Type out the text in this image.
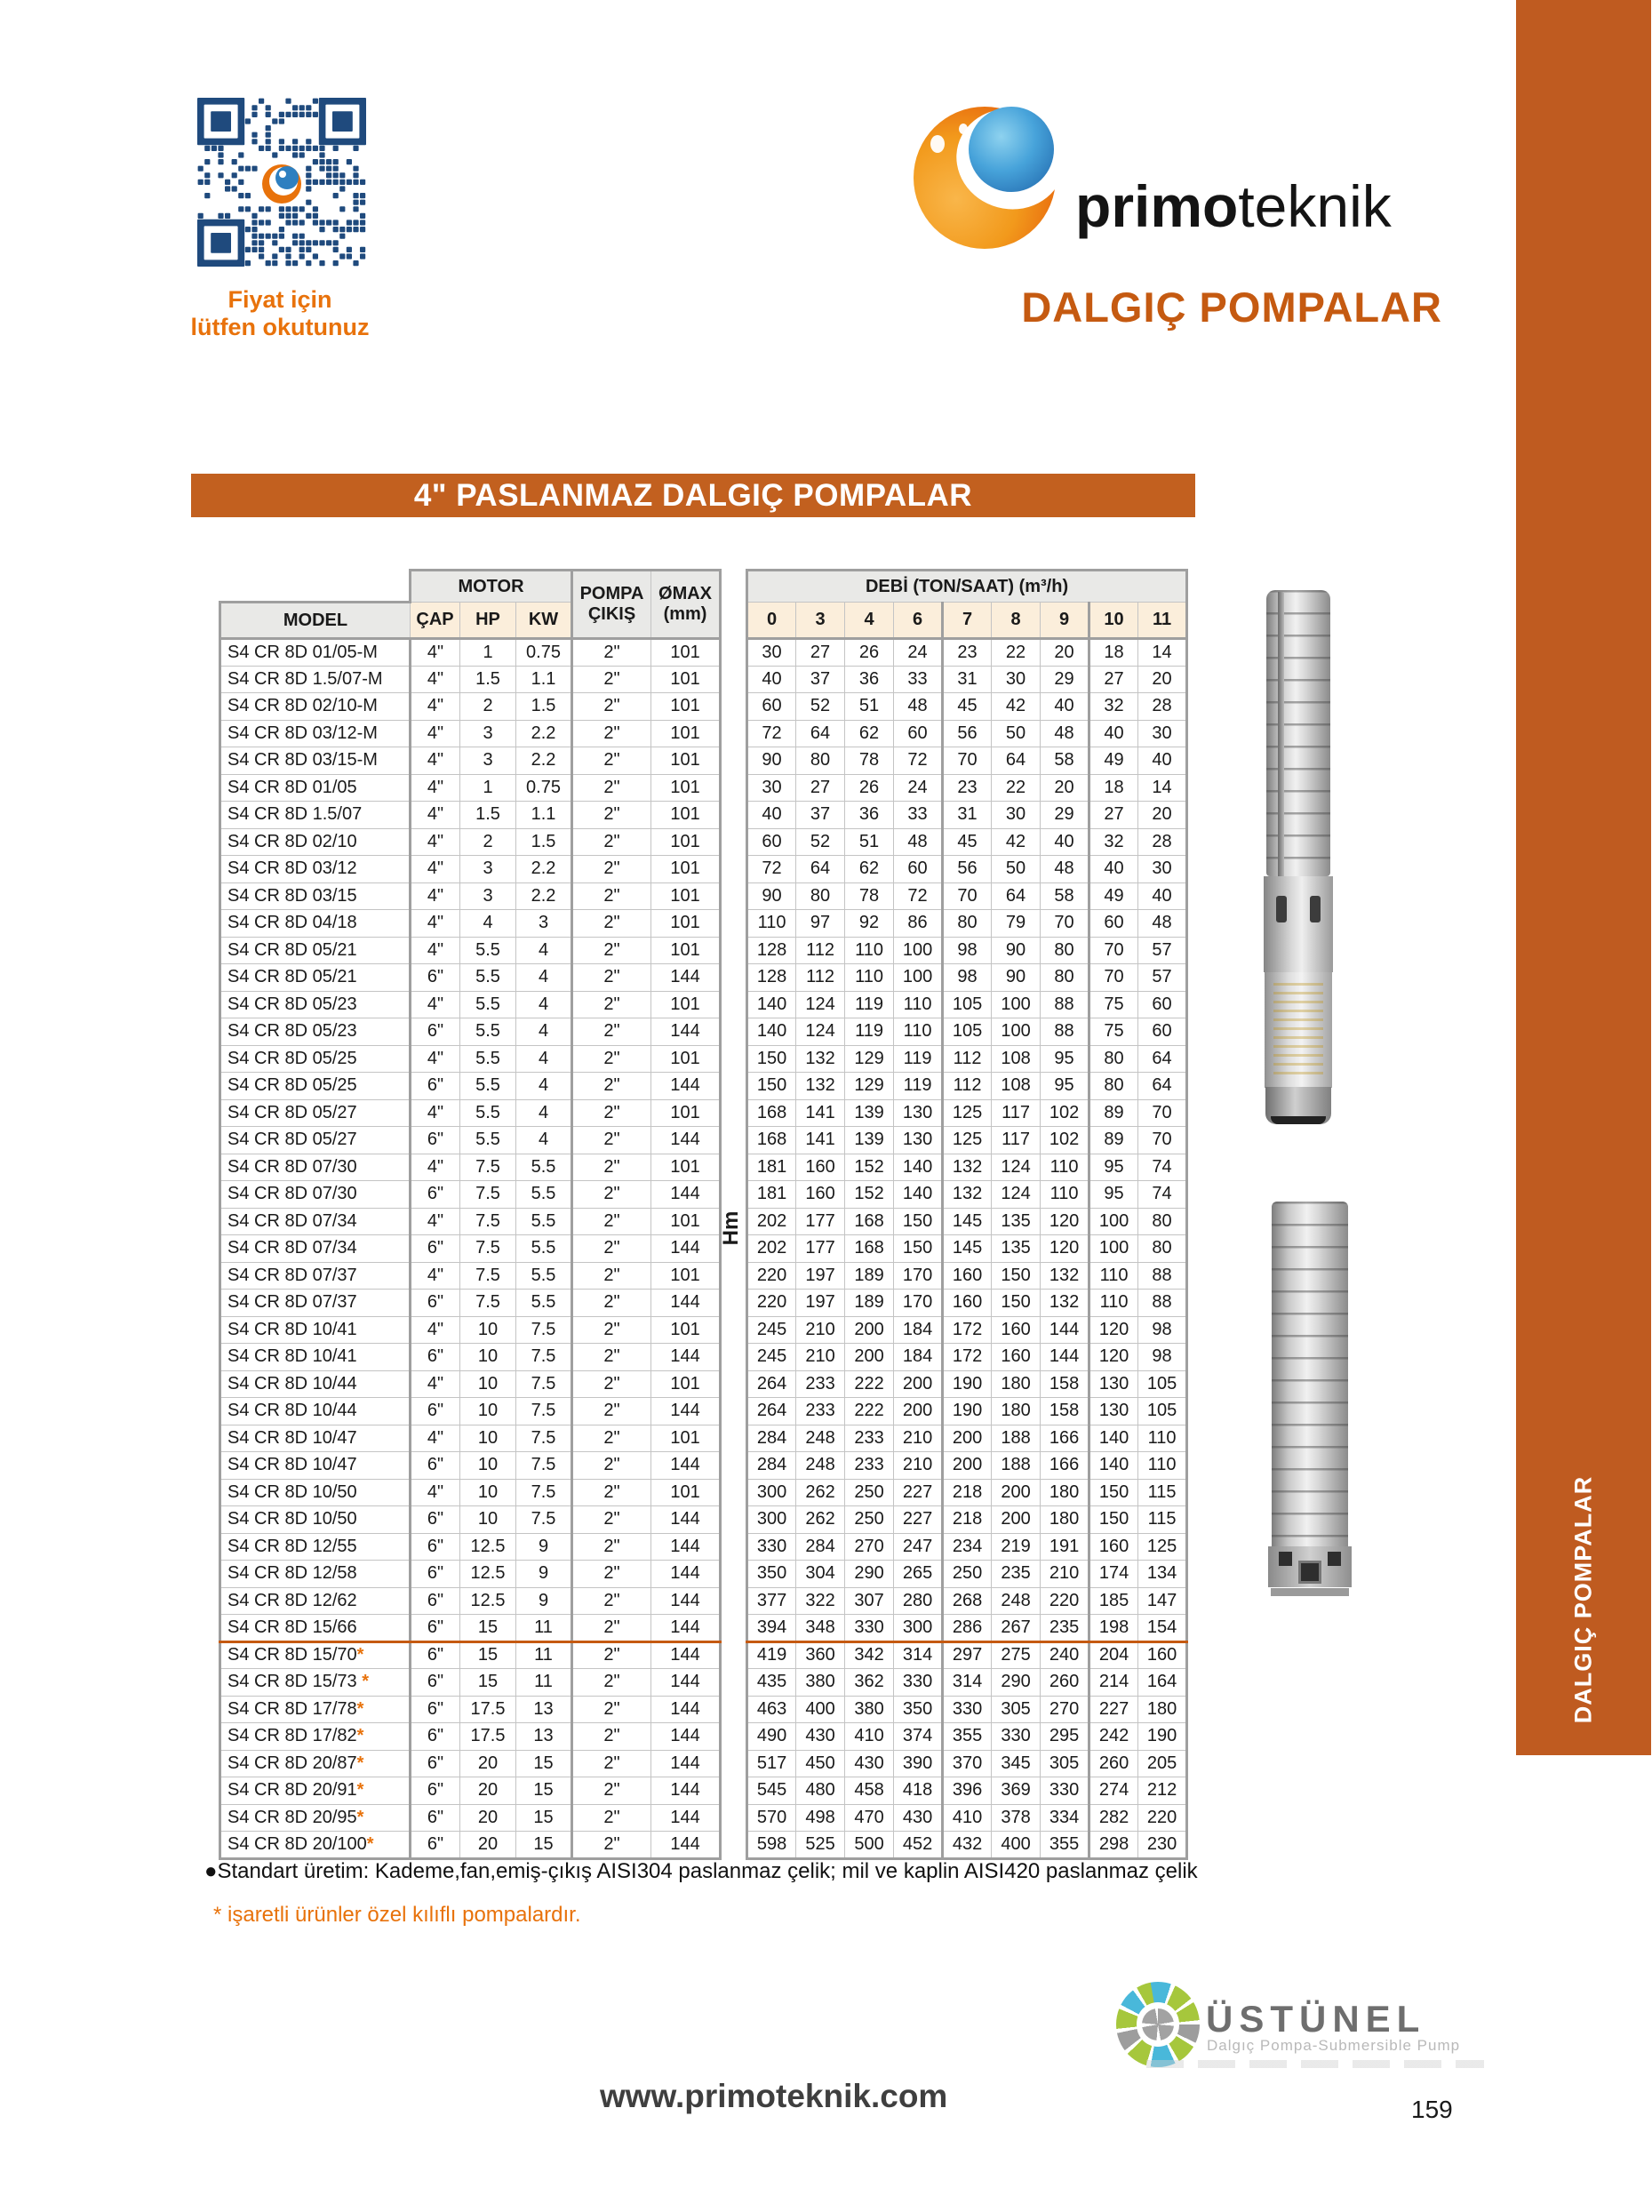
DALGIÇ POMPALAR
Fiyat için
lütfen okutunuz
primoteknik
DALGIÇ POMPALAR
4" PASLANMAZ DALGIÇ POMPALAR
	MOTOR			POMPA
ÇIKIŞ	ØMAX
(mm)		DEBİ (TON/SAAT) (m³/h)								
MODEL	ÇAP	HP	KW				0	3	4	6	7	8	9	10	11
S4 CR 8D 01/05-M	4"	1	0.75	2"	101		30	27	26	24	23	22	20	18	14
S4 CR 8D 1.5/07-M	4"	1.5	1.1	2"	101		40	37	36	33	31	30	29	27	20
S4 CR 8D 02/10-M	4"	2	1.5	2"	101		60	52	51	48	45	42	40	32	28
S4 CR 8D 03/12-M	4"	3	2.2	2"	101		72	64	62	60	56	50	48	40	30
S4 CR 8D 03/15-M	4"	3	2.2	2"	101		90	80	78	72	70	64	58	49	40
S4 CR 8D 01/05	4"	1	0.75	2"	101		30	27	26	24	23	22	20	18	14
S4 CR 8D 1.5/07	4"	1.5	1.1	2"	101		40	37	36	33	31	30	29	27	20
S4 CR 8D 02/10	4"	2	1.5	2"	101		60	52	51	48	45	42	40	32	28
S4 CR 8D 03/12	4"	3	2.2	2"	101		72	64	62	60	56	50	48	40	30
S4 CR 8D 03/15	4"	3	2.2	2"	101		90	80	78	72	70	64	58	49	40
S4 CR 8D 04/18	4"	4	3	2"	101		110	97	92	86	80	79	70	60	48
S4 CR 8D 05/21	4"	5.5	4	2"	101		128	112	110	100	98	90	80	70	57
S4 CR 8D 05/21	6"	5.5	4	2"	144		128	112	110	100	98	90	80	70	57
S4 CR 8D 05/23	4"	5.5	4	2"	101		140	124	119	110	105	100	88	75	60
S4 CR 8D 05/23	6"	5.5	4	2"	144		140	124	119	110	105	100	88	75	60
S4 CR 8D 05/25	4"	5.5	4	2"	101		150	132	129	119	112	108	95	80	64
S4 CR 8D 05/25	6"	5.5	4	2"	144		150	132	129	119	112	108	95	80	64
S4 CR 8D 05/27	4"	5.5	4	2"	101		168	141	139	130	125	117	102	89	70
S4 CR 8D 05/27	6"	5.5	4	2"	144		168	141	139	130	125	117	102	89	70
S4 CR 8D 07/30	4"	7.5	5.5	2"	101		181	160	152	140	132	124	110	95	74
S4 CR 8D 07/30	6"	7.5	5.5	2"	144		181	160	152	140	132	124	110	95	74
S4 CR 8D 07/34	4"	7.5	5.5	2"	101		202	177	168	150	145	135	120	100	80
S4 CR 8D 07/34	6"	7.5	5.5	2"	144		202	177	168	150	145	135	120	100	80
S4 CR 8D 07/37	4"	7.5	5.5	2"	101		220	197	189	170	160	150	132	110	88
S4 CR 8D 07/37	6"	7.5	5.5	2"	144		220	197	189	170	160	150	132	110	88
S4 CR 8D 10/41	4"	10	7.5	2"	101		245	210	200	184	172	160	144	120	98
S4 CR 8D 10/41	6"	10	7.5	2"	144		245	210	200	184	172	160	144	120	98
S4 CR 8D 10/44	4"	10	7.5	2"	101		264	233	222	200	190	180	158	130	105
S4 CR 8D 10/44	6"	10	7.5	2"	144		264	233	222	200	190	180	158	130	105
S4 CR 8D 10/47	4"	10	7.5	2"	101		284	248	233	210	200	188	166	140	110
S4 CR 8D 10/47	6"	10	7.5	2"	144		284	248	233	210	200	188	166	140	110
S4 CR 8D 10/50	4"	10	7.5	2"	101		300	262	250	227	218	200	180	150	115
S4 CR 8D 10/50	6"	10	7.5	2"	144		300	262	250	227	218	200	180	150	115
S4 CR 8D 12/55	6"	12.5	9	2"	144		330	284	270	247	234	219	191	160	125
S4 CR 8D 12/58	6"	12.5	9	2"	144		350	304	290	265	250	235	210	174	134
S4 CR 8D 12/62	6"	12.5	9	2"	144		377	322	307	280	268	248	220	185	147
S4 CR 8D 15/66	6"	15	11	2"	144		394	348	330	300	286	267	235	198	154
S4 CR 8D 15/70*	6"	15	11	2"	144		419	360	342	314	297	275	240	204	160
S4 CR 8D 15/73 *	6"	15	11	2"	144		435	380	362	330	314	290	260	214	164
S4 CR 8D 17/78*	6"	17.5	13	2"	144		463	400	380	350	330	305	270	227	180
S4 CR 8D 17/82*	6"	17.5	13	2"	144		490	430	410	374	355	330	295	242	190
S4 CR 8D 20/87*	6"	20	15	2"	144		517	450	430	390	370	345	305	260	205
S4 CR 8D 20/91*	6"	20	15	2"	144		545	480	458	418	396	369	330	274	212
S4 CR 8D 20/95*	6"	20	15	2"	144		570	498	470	430	410	378	334	282	220
S4 CR 8D 20/100*	6"	20	15	2"	144		598	525	500	452	432	400	355	298	230
Hm
●Standart üretim: Kademe,fan,emiş-çıkış AISI304 paslanmaz çelik; mil ve kaplin AISI420 paslanmaz çelik
* işaretli ürünler özel kılıflı pompalardır.
www.primoteknik.com
ÜSTÜNEL
Dalgıç Pompa-Submersible Pump
159
